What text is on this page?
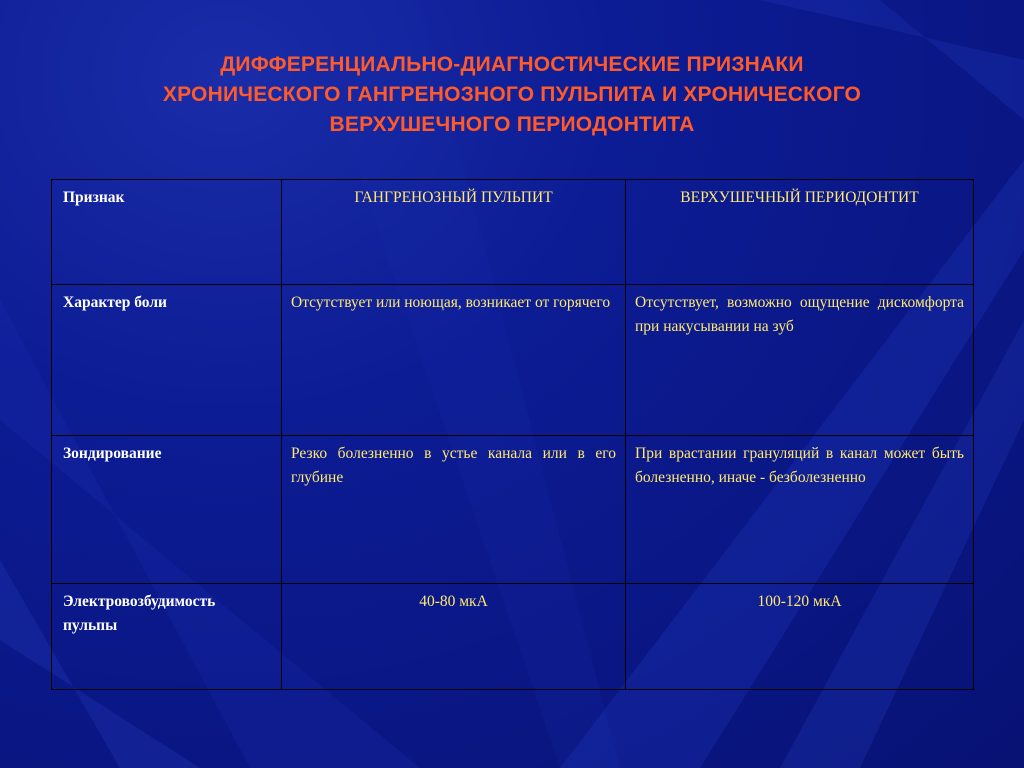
ДИФФЕРЕНЦИАЛЬНО-ДИАГНОСТИЧЕСКИЕ ПРИЗНАКИ
ХРОНИЧЕСКОГО ГАНГРЕНОЗНОГО ПУЛЬПИТА И ХРОНИЧЕСКОГО
ВЕРХУШЕЧНОГО ПЕРИОДОНТИТА
Признак	ГАНГРЕНОЗНЫЙ ПУЛЬПИТ	ВЕРХУШЕЧНЫЙ ПЕРИОДОНТИТ
Характер боли	Отсутствует или ноющая, возникает от горячего	Отсутствует, возможно ощущение дискомфорта при накусывании на зуб
Зондирование	Резко болезненно в устье канала или в его глубине	При врастании грануляций в канал может быть болезненно, иначе - безболезненно
Электровозбудимость пульпы	40-80 мкА	100-120 мкА
